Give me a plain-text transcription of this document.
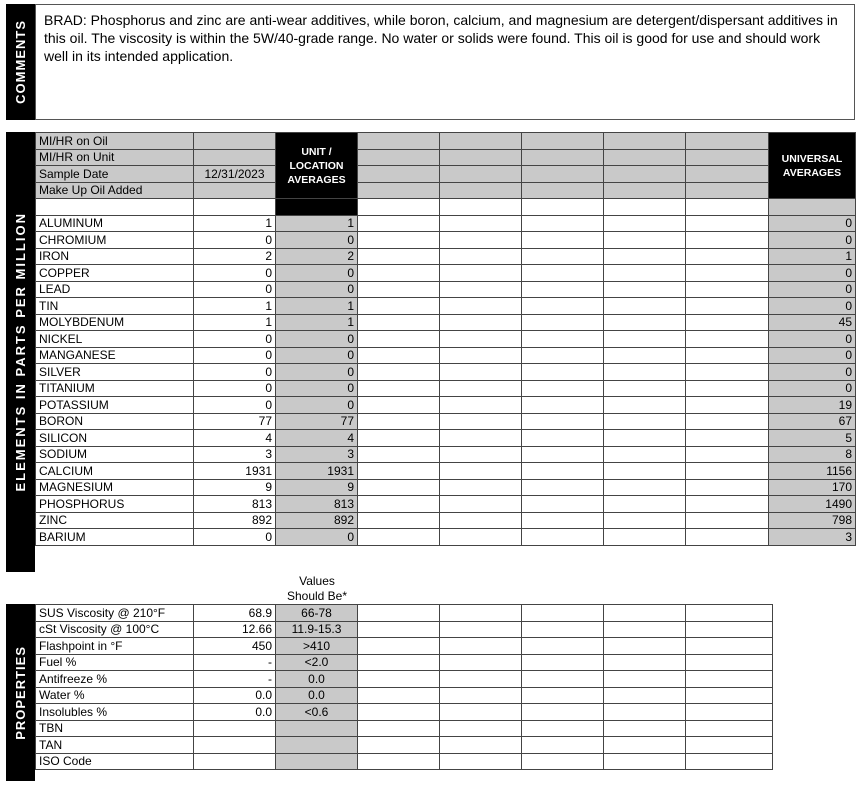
COMMENTS
BRAD: Phosphorus and zinc are anti-wear additives, while boron, calcium, and magnesium are detergent/dispersant additives in this oil. The viscosity is within the 5W/40-grade range. No water or solids were found. This oil is good for use and should work well in its intended application.
ELEMENTS IN PARTS PER MILLION
MI/HR on Oil		UNIT / LOCATION AVERAGES						UNIVERSAL AVERAGES
MI/HR on Unit								
Sample Date	12/31/2023							
Make Up Oil Added								

ALUMINUM	1	1						0
CHROMIUM	0	0						0
IRON	2	2						1
COPPER	0	0						0
LEAD	0	0						0
TIN	1	1						0
MOLYBDENUM	1	1						45
NICKEL	0	0						0
MANGANESE	0	0						0
SILVER	0	0						0
TITANIUM	0	0						0
POTASSIUM	0	0						19
BORON	77	77						67
SILICON	4	4						5
SODIUM	3	3						8
CALCIUM	1931	1931						1156
MAGNESIUM	9	9						170
PHOSPHORUS	813	813						1490
ZINC	892	892						798
BARIUM	0	0						3
PROPERTIES
Values
Should Be*
SUS Viscosity @ 210°F	68.9	66-78					
cSt Viscosity @ 100°C	12.66	11.9-15.3					
Flashpoint in °F	450	>410					
Fuel %	-	<2.0					
Antifreeze %	-	0.0					
Water %	0.0	0.0					
Insolubles %	0.0	<0.6					
TBN							
TAN							
ISO Code							
